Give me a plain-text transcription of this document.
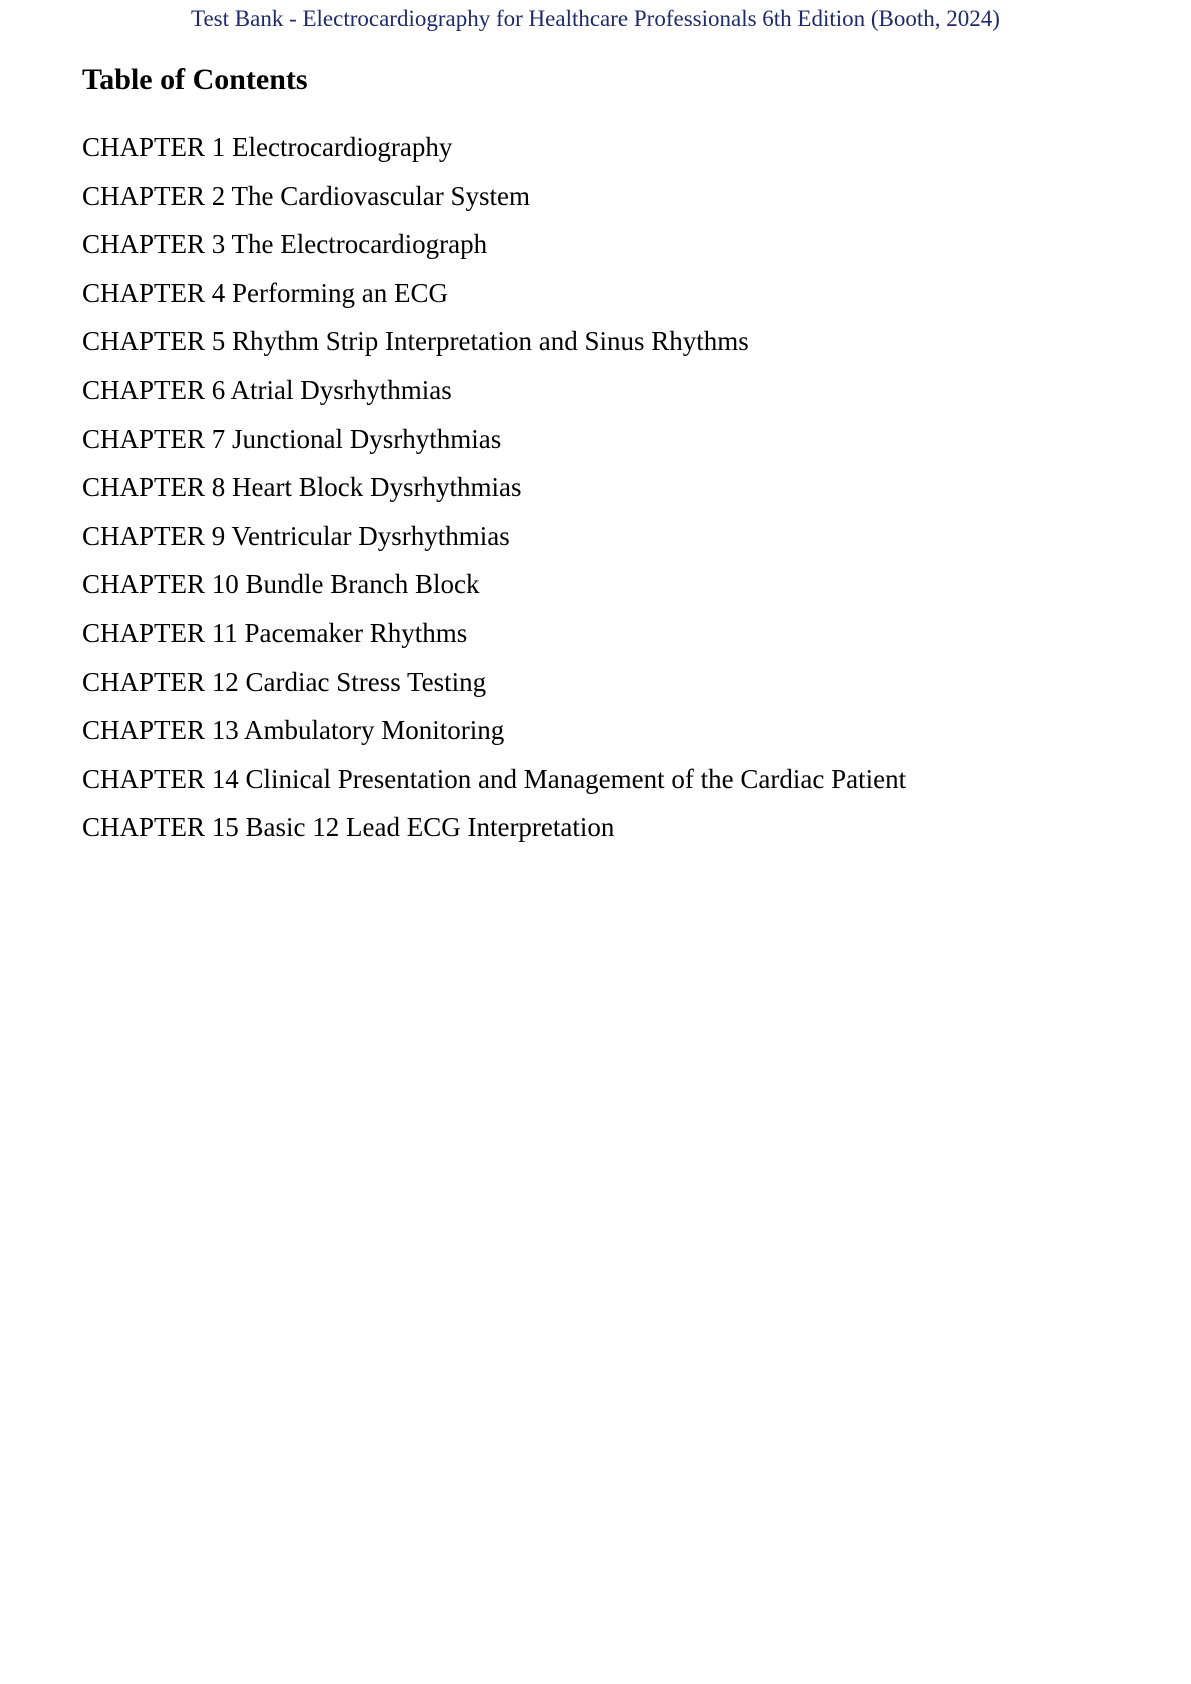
Test Bank - Electrocardiography for Healthcare Professionals 6th Edition (Booth, 2024)
Table of Contents
CHAPTER 1 Electrocardiography
CHAPTER 2 The Cardiovascular System
CHAPTER 3 The Electrocardiograph
CHAPTER 4 Performing an ECG
CHAPTER 5 Rhythm Strip Interpretation and Sinus Rhythms
CHAPTER 6 Atrial Dysrhythmias
CHAPTER 7 Junctional Dysrhythmias
CHAPTER 8 Heart Block Dysrhythmias
CHAPTER 9 Ventricular Dysrhythmias
CHAPTER 10 Bundle Branch Block
CHAPTER 11 Pacemaker Rhythms
CHAPTER 12 Cardiac Stress Testing
CHAPTER 13 Ambulatory Monitoring
CHAPTER 14 Clinical Presentation and Management of the Cardiac Patient
CHAPTER 15 Basic 12 Lead ECG Interpretation
